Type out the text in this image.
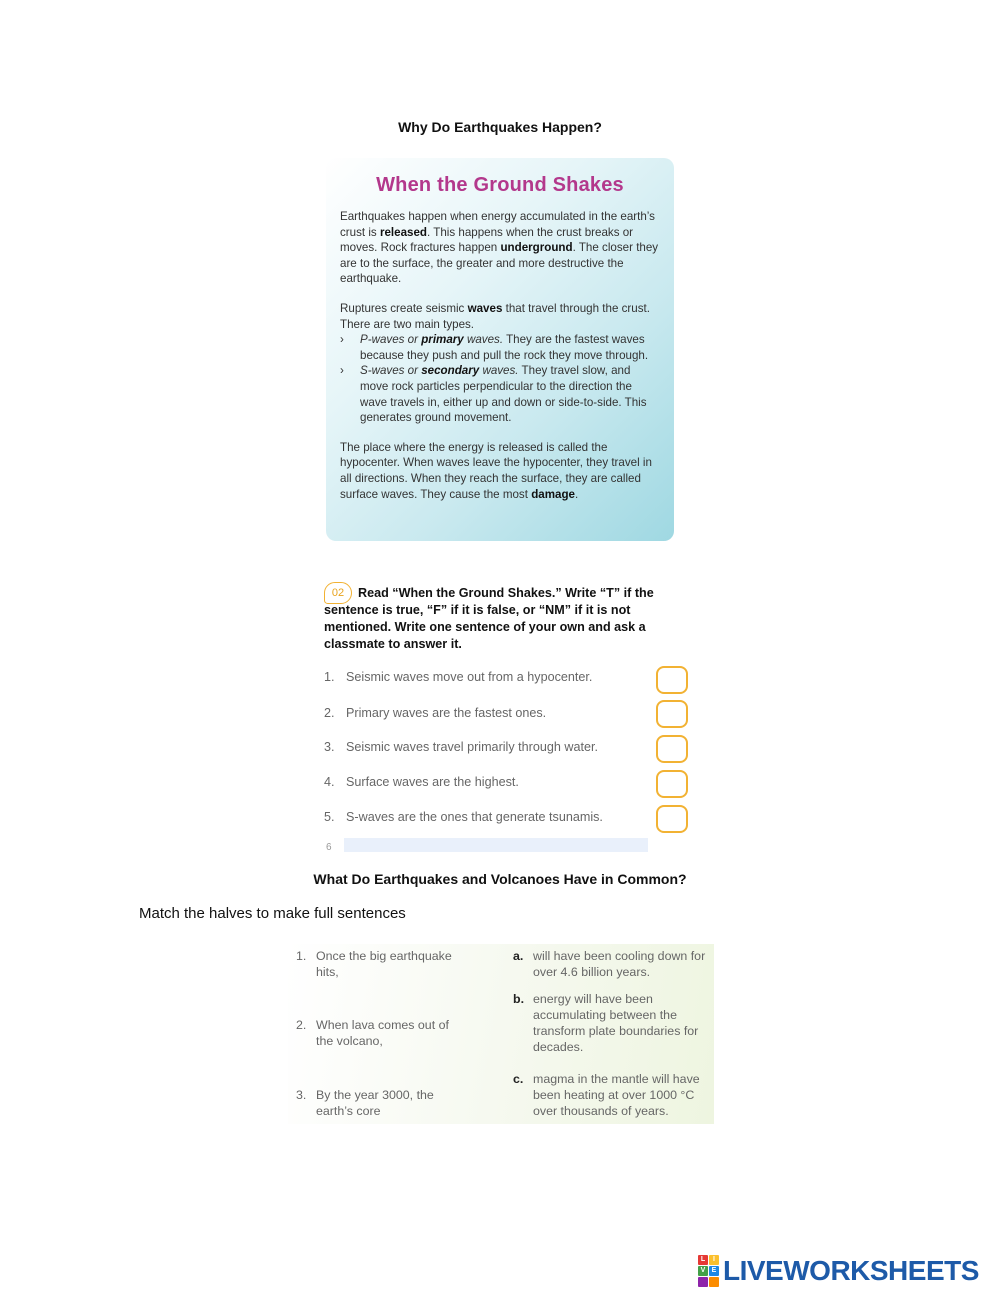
Why Do Earthquakes Happen?
When the Ground Shakes

Earthquakes happen when energy accumulated in the earth’s crust is released. This happens when the crust breaks or moves. Rock fractures happen underground. The closer they are to the surface, the greater and more destructive the earthquake.

Ruptures create seismic waves that travel through the crust. There are two main types.

› P-waves or primary waves. They are the fastest waves because they push and pull the rock they move through.
› S-waves or secondary waves. They travel slow, and move rock particles perpendicular to the direction the wave travels in, either up and down or side-to-side. This generates ground movement.

The place where the energy is released is called the hypocenter. When waves leave the hypocenter, they travel in all directions. When they reach the surface, they are called surface waves. They cause the most damage.

02	Read “When the Ground Shakes.” Write “T” if the sentence is true, “F” if it is false, or “NM” if it is not mentioned. Write one sentence of your own and ask a classmate to answer it.
1. Seismic waves move out from a hypocenter.
2. Primary waves are the fastest ones.
3. Seismic waves travel primarily through water.
4. Surface waves are the highest.
5. S-waves are the ones that generate tsunamis.
6
What Do Earthquakes and Volcanoes Have in Common?
Match the halves to make full sentences
1. Once the big earthquake hits,
2. When lava comes out of the volcano,
3. By the year 3000, the earth’s core
a. will have been cooling down for over 4.6 billion years.
b. energy will have been accumulating between the transform plate boundaries for decades.
c. magma in the mantle will have been heating at over 1000 °C over thousands of years.
L	I
V E LIVEWORKSHEETS
